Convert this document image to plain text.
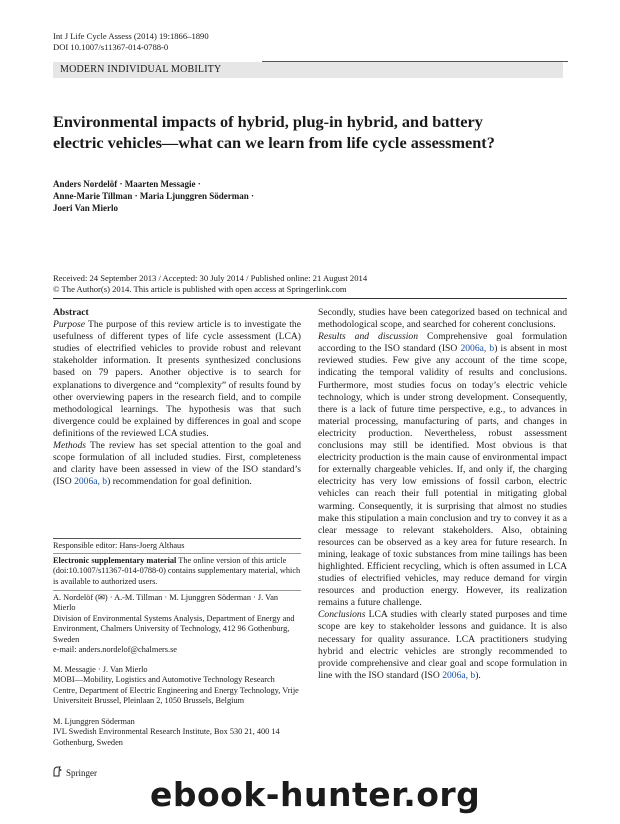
Int J Life Cycle Assess (2014) 19:1866–1890
DOI 10.1007/s11367-014-0788-0
MODERN INDIVIDUAL MOBILITY
Environmental impacts of hybrid, plug-in hybrid, and battery
electric vehicles—what can we learn from life cycle assessment?
Anders Nordelöf · Maarten Messagie ·
Anne-Marie Tillman · Maria Ljunggren Söderman ·
Joeri Van Mierlo
Received: 24 September 2013 / Accepted: 30 July 2014 / Published online: 21 August 2014
© The Author(s) 2014. This article is published with open access at Springerlink.com

Abstract

Purpose The purpose of this review article is to investigate the usefulness of different types of life cycle assessment (LCA) studies of electrified vehicles to provide robust and relevant stakeholder information. It presents synthesized conclusions based on 79 papers. Another objective is to search for explanations to divergence and “complexity” of results found by other overviewing papers in the research field, and to compile methodological learnings. The hypothesis was that such divergence could be explained by differences in goal and scope definitions of the reviewed LCA studies.

Methods The review has set special attention to the goal and scope formulation of all included studies. First, completeness and clarity have been assessed in view of the ISO standard’s (ISO 2006a, b) recommendation for goal definition.

Secondly, studies have been categorized based on technical and methodological scope, and searched for coherent conclusions.

Results and discussion Comprehensive goal formulation according to the ISO standard (ISO 2006a, b) is absent in most reviewed studies. Few give any account of the time scope, indicating the temporal validity of results and conclusions. Furthermore, most studies focus on today’s electric vehicle technology, which is under strong development. Consequently, there is a lack of future time perspective, e.g., to advances in material processing, manufacturing of parts, and changes in electricity production. Nevertheless, robust assessment conclusions may still be identified. Most obvious is that electricity production is the main cause of environmental impact for externally chargeable vehicles. If, and only if, the charging electricity has very low emissions of fossil carbon, electric vehicles can reach their full potential in mitigating global warming. Consequently, it is surprising that almost no studies make this stipulation a main conclusion and try to convey it as a clear message to relevant stakeholders. Also, obtaining resources can be observed as a key area for future research. In mining, leakage of toxic substances from mine tailings has been highlighted. Efficient recycling, which is often assumed in LCA studies of electrified vehicles, may reduce demand for virgin resources and production energy. However, its realization remains a future challenge.

Conclusions LCA studies with clearly stated purposes and time scope are key to stakeholder lessons and guidance. It is also necessary for quality assurance. LCA practitioners studying hybrid and electric vehicles are strongly recommended to provide comprehensive and clear goal and scope formulation in line with the ISO standard (ISO 2006a, b).

Responsible editor: Hans-Joerg Althaus

Electronic supplementary material The online version of this article (doi:10.1007/s11367-014-0788-0) contains supplementary material, which is available to authorized users.

A. Nordelöf (✉) · A.-M. Tillman · M. Ljunggren Söderman · J. Van Mierlo

Division of Environmental Systems Analysis, Department of Energy and Environment, Chalmers University of Technology, 412 96 Gothenburg, Sweden

e-mail: anders.nordelof@chalmers.se

M. Messagie · J. Van Mierlo

MOBI—Mobility, Logistics and Automotive Technology Research Centre, Department of Electric Engineering and Energy Technology, Vrije Universiteit Brussel, Pleinlaan 2, 1050 Brussels, Belgium

M. Ljunggren Söderman

IVL Swedish Environmental Research Institute, Box 530 21, 400 14 Gothenburg, Sweden

Springer
ebook-hunter.org
